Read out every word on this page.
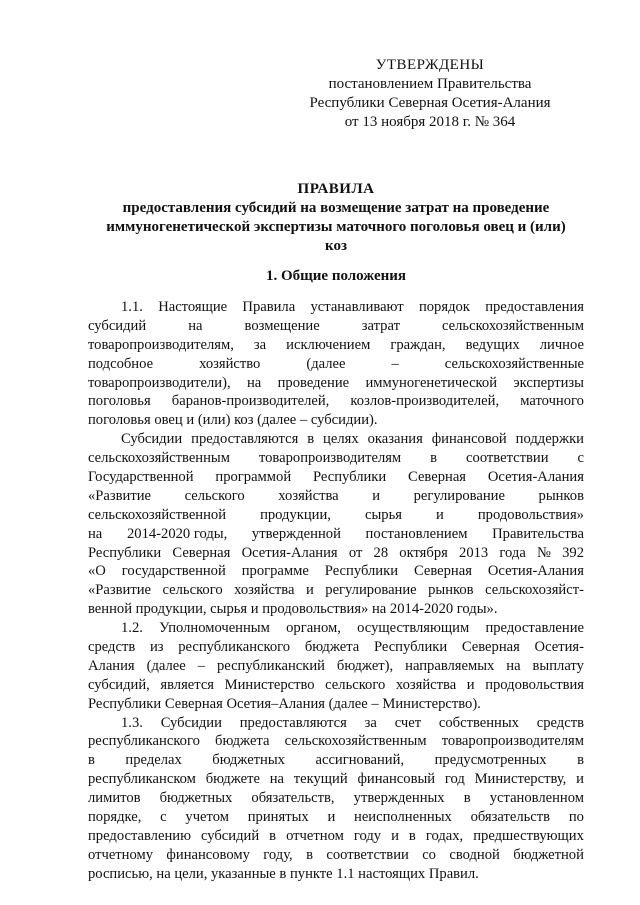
УТВЕРЖДЕНЫ
постановлением Правительства
Республики Северная Осетия-Алания
от 13 ноября 2018 г. № 364
ПРАВИЛА
предоставления субсидий на возмещение затрат на проведение
иммуногенетической экспертизы маточного поголовья овец и (или)
коз
1. Общие положения
1.1. Настоящие Правила устанавливают порядок предоставления
субсидий	на	возмещение	затрат	сельскохозяйственным
товаропроизводителям, за исключением граждан, ведущих личное
подсобное	хозяйство	(далее	–	сельскохозяйственные
товаропроизводители), на проведение иммуногенетической экспертизы
поголовья баранов-производителей, козлов-производителей, маточного
поголовья овец и (или) коз (далее – субсидии).
Субсидии предоставляются в целях оказания финансовой поддержки
сельскохозяйственным товаропроизводителям в соответствии с
Государственной программой Республики Северная Осетия-Алания
«Развитие сельского хозяйства и регулирование рынков
сельскохозяйственной продукции, сырья и продовольствия»
на 2014-2020 годы, утвержденной постановлением Правительства
Республики Северная Осетия-Алания от 28 октября 2013 года № 392
«О государственной программе Республики Северная Осетия-Алания
«Развитие сельского хозяйства и регулирование рынков сельскохозяйст-
венной продукции, сырья и продовольствия» на 2014-2020 годы».
1.2. Уполномоченным органом, осуществляющим предоставление
средств из республиканского бюджета Республики Северная Осетия-
Алания (далее – республиканский бюджет), направляемых на выплату
субсидий, является Министерство сельского хозяйства и продовольствия
Республики Северная Осетия–Алания (далее – Министерство).
1.3. Субсидии предоставляются за счет собственных средств
республиканского бюджета сельскохозяйственным товаропроизводителям
в пределах бюджетных ассигнований, предусмотренных в
республиканском бюджете на текущий финансовый год Министерству, и
лимитов бюджетных обязательств, утвержденных в установленном
порядке, с учетом принятых и неисполненных обязательств по
предоставлению субсидий в отчетном году и в годах, предшествующих
отчетному финансовому году, в соответствии со сводной бюджетной
росписью, на цели, указанные в пункте 1.1 настоящих Правил.
